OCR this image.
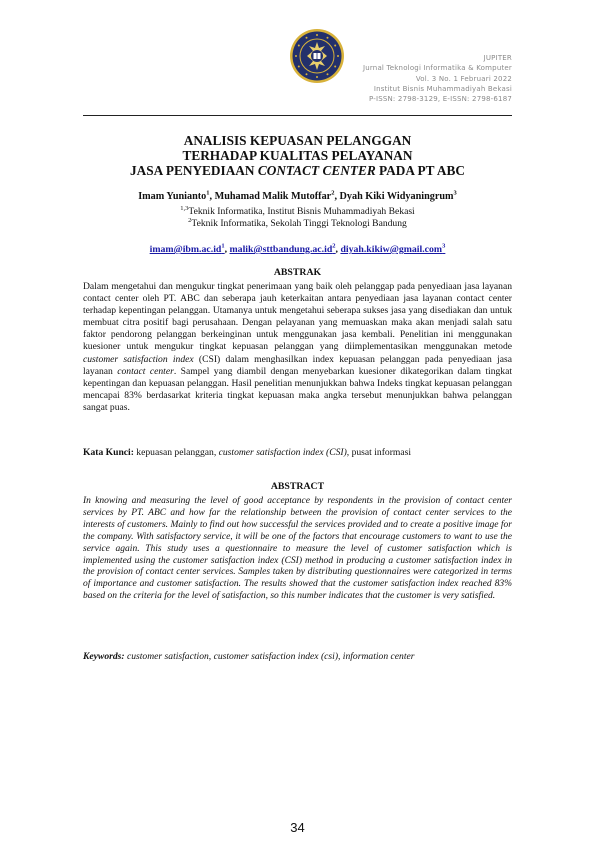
JUPITER
Jurnal Teknologi Informatika & Komputer
Vol. 3 No. 1 Februari 2022
Institut Bisnis Muhammadiyah Bekasi
P-ISSN: 2798-3129, E-ISSN: 2798-6187
ANALISIS KEPUASAN PELANGGAN
TERHADAP KUALITAS PELAYANAN
JASA PENYEDIAAN CONTACT CENTER PADA PT ABC
Imam Yunianto$^1$, Muhamad Malik Mutoffar$^2$, Dyah Kiki Widyaningrum$^3$
$^{1,3}$Teknik Informatika, Institut Bisnis Muhammadiyah Bekasi
$^2$Teknik Informatika, Sekolah Tinggi Teknologi Bandung
$imam@ibm.ac.id^1$, $malik@sttbandung.ac.id^2$, diyah.kikiw@gmail.com$^3$
ABSTRAK
Dalam mengetahui dan mengukur tingkat penerimaan yang baik oleh pelanggap pada penyediaan jasa layanan contact center oleh PT. ABC dan seberapa jauh keterkaitan antara penyediaan jasa layanan contact center terhadap kepentingan pelanggan. Utamanya untuk mengetahui seberapa sukses jasa yang disediakan dan untuk membuat citra positif bagi perusahaan. Dengan pelayanan yang memuaskan maka akan menjadi salah satu faktor pendorong pelanggan berkeinginan untuk menggunakan jasa kembali. Penelitian ini menggunakan kuesioner untuk mengukur tingkat kepuasan pelanggan yang diimplementasikan menggunakan metode customer satisfaction index (CSI) dalam menghasilkan index kepuasan pelanggan pada penyediaan jasa layanan contact center. Sampel yang diambil dengan menyebarkan kuesioner dikategorikan dalam tingkat kepentingan dan kepuasan pelanggan. Hasil penelitian menunjukkan bahwa Indeks tingkat kepuasan pelanggan mencapai 83% berdasarkat kriteria tingkat kepuasan maka angka tersebut menunjukkan bahwa pelanggan sangat puas.
Kata Kunci: kepuasan pelanggan, customer satisfaction index (CSI), pusat informasi
ABSTRACT
In knowing and measuring the level of good acceptance by respondents in the provision of contact center services by PT. ABC and how far the relationship between the provision of contact center services to the interests of customers. Mainly to find out how successful the services provided and to create a positive image for the company. With satisfactory service, it will be one of the factors that encourage customers to want to use the service again. This study uses a questionnaire to measure the level of customer satisfaction which is implemented using the customer satisfaction index (CSI) method in producing a customer satisfaction index in the provision of contact center services. Samples taken by distributing questionnaires were categorized in terms of importance and customer satisfaction. The results showed that the customer satisfaction index reached 83% based on the criteria for the level of satisfaction, so this number indicates that the customer is very satisfied.
Keywords: customer satisfaction, customer satisfaction index (csi), information center
34
